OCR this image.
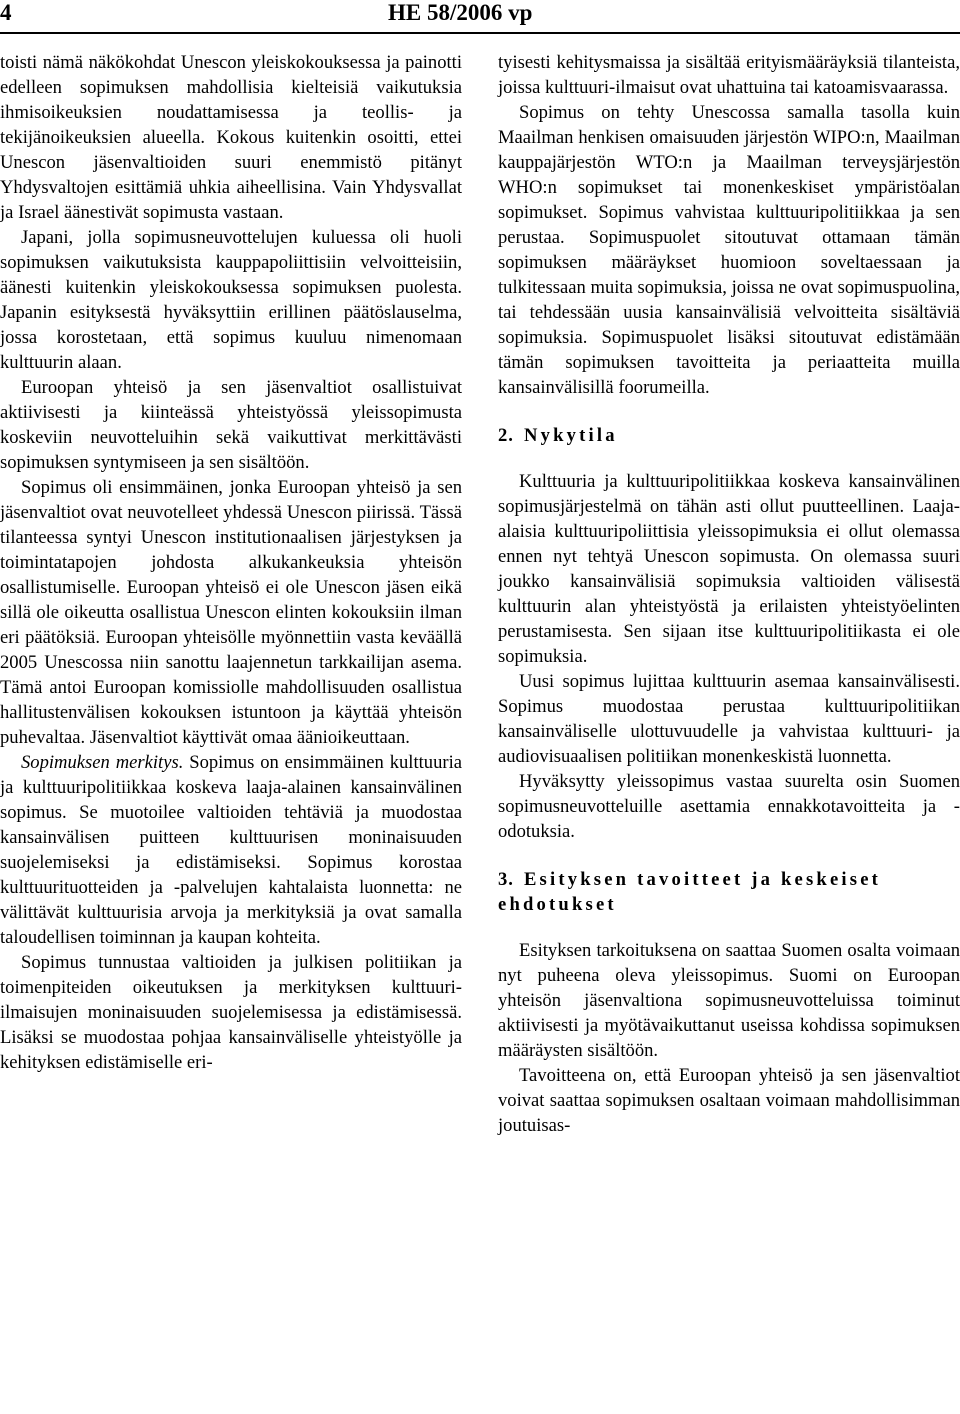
4	HE 58/2006 vp

toisti nämä näkökohdat Unescon yleiskokouksessa ja painotti edelleen sopimuksen mahdollisia kielteisiä vaikutuksia ihmisoikeuksien noudattamisessa ja teollis- ja tekijänoikeuksien alueella. Kokous kuitenkin osoitti, ettei Unescon jäsenvaltioiden suuri enemmistö pitänyt Yhdysvaltojen esittämiä uhkia aiheellisina. Vain Yhdysvallat ja Israel äänestivät sopimusta vastaan.

Japani, jolla sopimusneuvottelujen kuluessa oli huoli sopimuksen vaikutuksista kauppapoliittisiin velvoitteisiin, äänesti kuitenkin yleiskokouksessa sopimuksen puolesta. Japanin esityksestä hyväksyttiin erillinen päätöslauselma, jossa korostetaan, että sopimus kuuluu nimenomaan kulttuurin alaan.

Euroopan yhteisö ja sen jäsenvaltiot osallistuivat aktiivisesti ja kiinteässä yhteistyössä yleissopimusta koskeviin neuvotteluihin sekä vaikuttivat merkittävästi sopimuksen syntymiseen ja sen sisältöön.

Sopimus oli ensimmäinen, jonka Euroopan yhteisö ja sen jäsenvaltiot ovat neuvotelleet yhdessä Unescon piirissä. Tässä tilanteessa syntyi Unescon institutionaalisen järjestyksen ja toimintatapojen johdosta alkukankeuksia yhteisön osallistumiselle. Euroopan yhteisö ei ole Unescon jäsen eikä sillä ole oikeutta osallistua Unescon elinten kokouksiin ilman eri päätöksiä. Euroopan yhteisölle myönnettiin vasta keväällä 2005 Unescossa niin sanottu laajennetun tarkkailijan asema. Tämä antoi Euroopan komissiolle mahdollisuuden osallistua hallitustenvälisen kokouksen istuntoon ja käyttää yhteisön puhevaltaa. Jäsenvaltiot käyttivät omaa äänioikeuttaan.

Sopimuksen merkitys. Sopimus on ensimmäinen kulttuuria ja kulttuuripolitiikkaa koskeva laaja-alainen kansainvälinen sopimus. Se muotoilee valtioiden tehtäviä ja muodostaa kansainvälisen puitteen kulttuurisen moninaisuuden suojelemiseksi ja edistämiseksi. Sopimus korostaa kulttuurituotteiden ja -palvelujen kahtalaista luonnetta: ne välittävät kulttuurisia arvoja ja merkityksiä ja ovat samalla taloudellisen toiminnan ja kaupan kohteita.

Sopimus tunnustaa valtioiden ja julkisen politiikan ja toimenpiteiden oikeutuksen ja merkityksen kulttuuri-ilmaisujen moninaisuuden suojelemisessa ja edistämisessä. Lisäksi se muodostaa pohjaa kansainväliselle yhteistyölle ja kehityksen edistämiselle eri-

tyisesti kehitysmaissa ja sisältää erityismääräyksiä tilanteista, joissa kulttuuri-ilmaisut ovat uhattuina tai katoamisvaarassa.

Sopimus on tehty Unescossa samalla tasolla kuin Maailman henkisen omaisuuden järjestön WIPO:n, Maailman kauppajärjestön WTO:n ja Maailman terveysjärjestön WHO:n sopimukset tai monenkeskiset ympäristöalan sopimukset. Sopimus vahvistaa kulttuuripolitiikkaa ja sen perustaa. Sopimuspuolet sitoutuvat ottamaan tämän sopimuksen määräykset huomioon soveltaessaan ja tulkitessaan muita sopimuksia, joissa ne ovat sopimuspuolina, tai tehdessään uusia kansainvälisiä velvoitteita sisältäviä sopimuksia. Sopimuspuolet lisäksi sitoutuvat edistämään tämän sopimuksen tavoitteita ja periaatteita muilla kansainvälisillä foorumeilla.

2. Nykytila

Kulttuuria ja kulttuuripolitiikkaa koskeva kansainvälinen sopimusjärjestelmä on tähän asti ollut puutteellinen. Laaja-alaisia kulttuuripoliittisia yleissopimuksia ei ollut olemassa ennen nyt tehtyä Unescon sopimusta. On olemassa suuri joukko kansainvälisiä sopimuksia valtioiden välisestä kulttuurin alan yhteistyöstä ja erilaisten yhteistyöelinten perustamisesta. Sen sijaan itse kulttuuripolitiikasta ei ole sopimuksia.

Uusi sopimus lujittaa kulttuurin asemaa kansainvälisesti. Sopimus muodostaa perustaa kulttuuripolitiikan kansainväliselle ulottuvuudelle ja vahvistaa kulttuuri- ja audiovisuaalisen politiikan monenkeskistä luonnetta.

Hyväksytty yleissopimus vastaa suurelta osin Suomen sopimusneuvotteluille asettamia ennakkotavoitteita ja -odotuksia.

3. Esityksen tavoitteet ja keskeiset ehdotukset

Esityksen tarkoituksena on saattaa Suomen osalta voimaan nyt puheena oleva yleissopimus. Suomi on Euroopan yhteisön jäsenvaltiona sopimusneuvotteluissa toiminut aktiivisesti ja myötävaikuttanut useissa kohdissa sopimuksen määräysten sisältöön.

Tavoitteena on, että Euroopan yhteisö ja sen jäsenvaltiot voivat saattaa sopimuksen osaltaan voimaan mahdollisimman joutuisas-
